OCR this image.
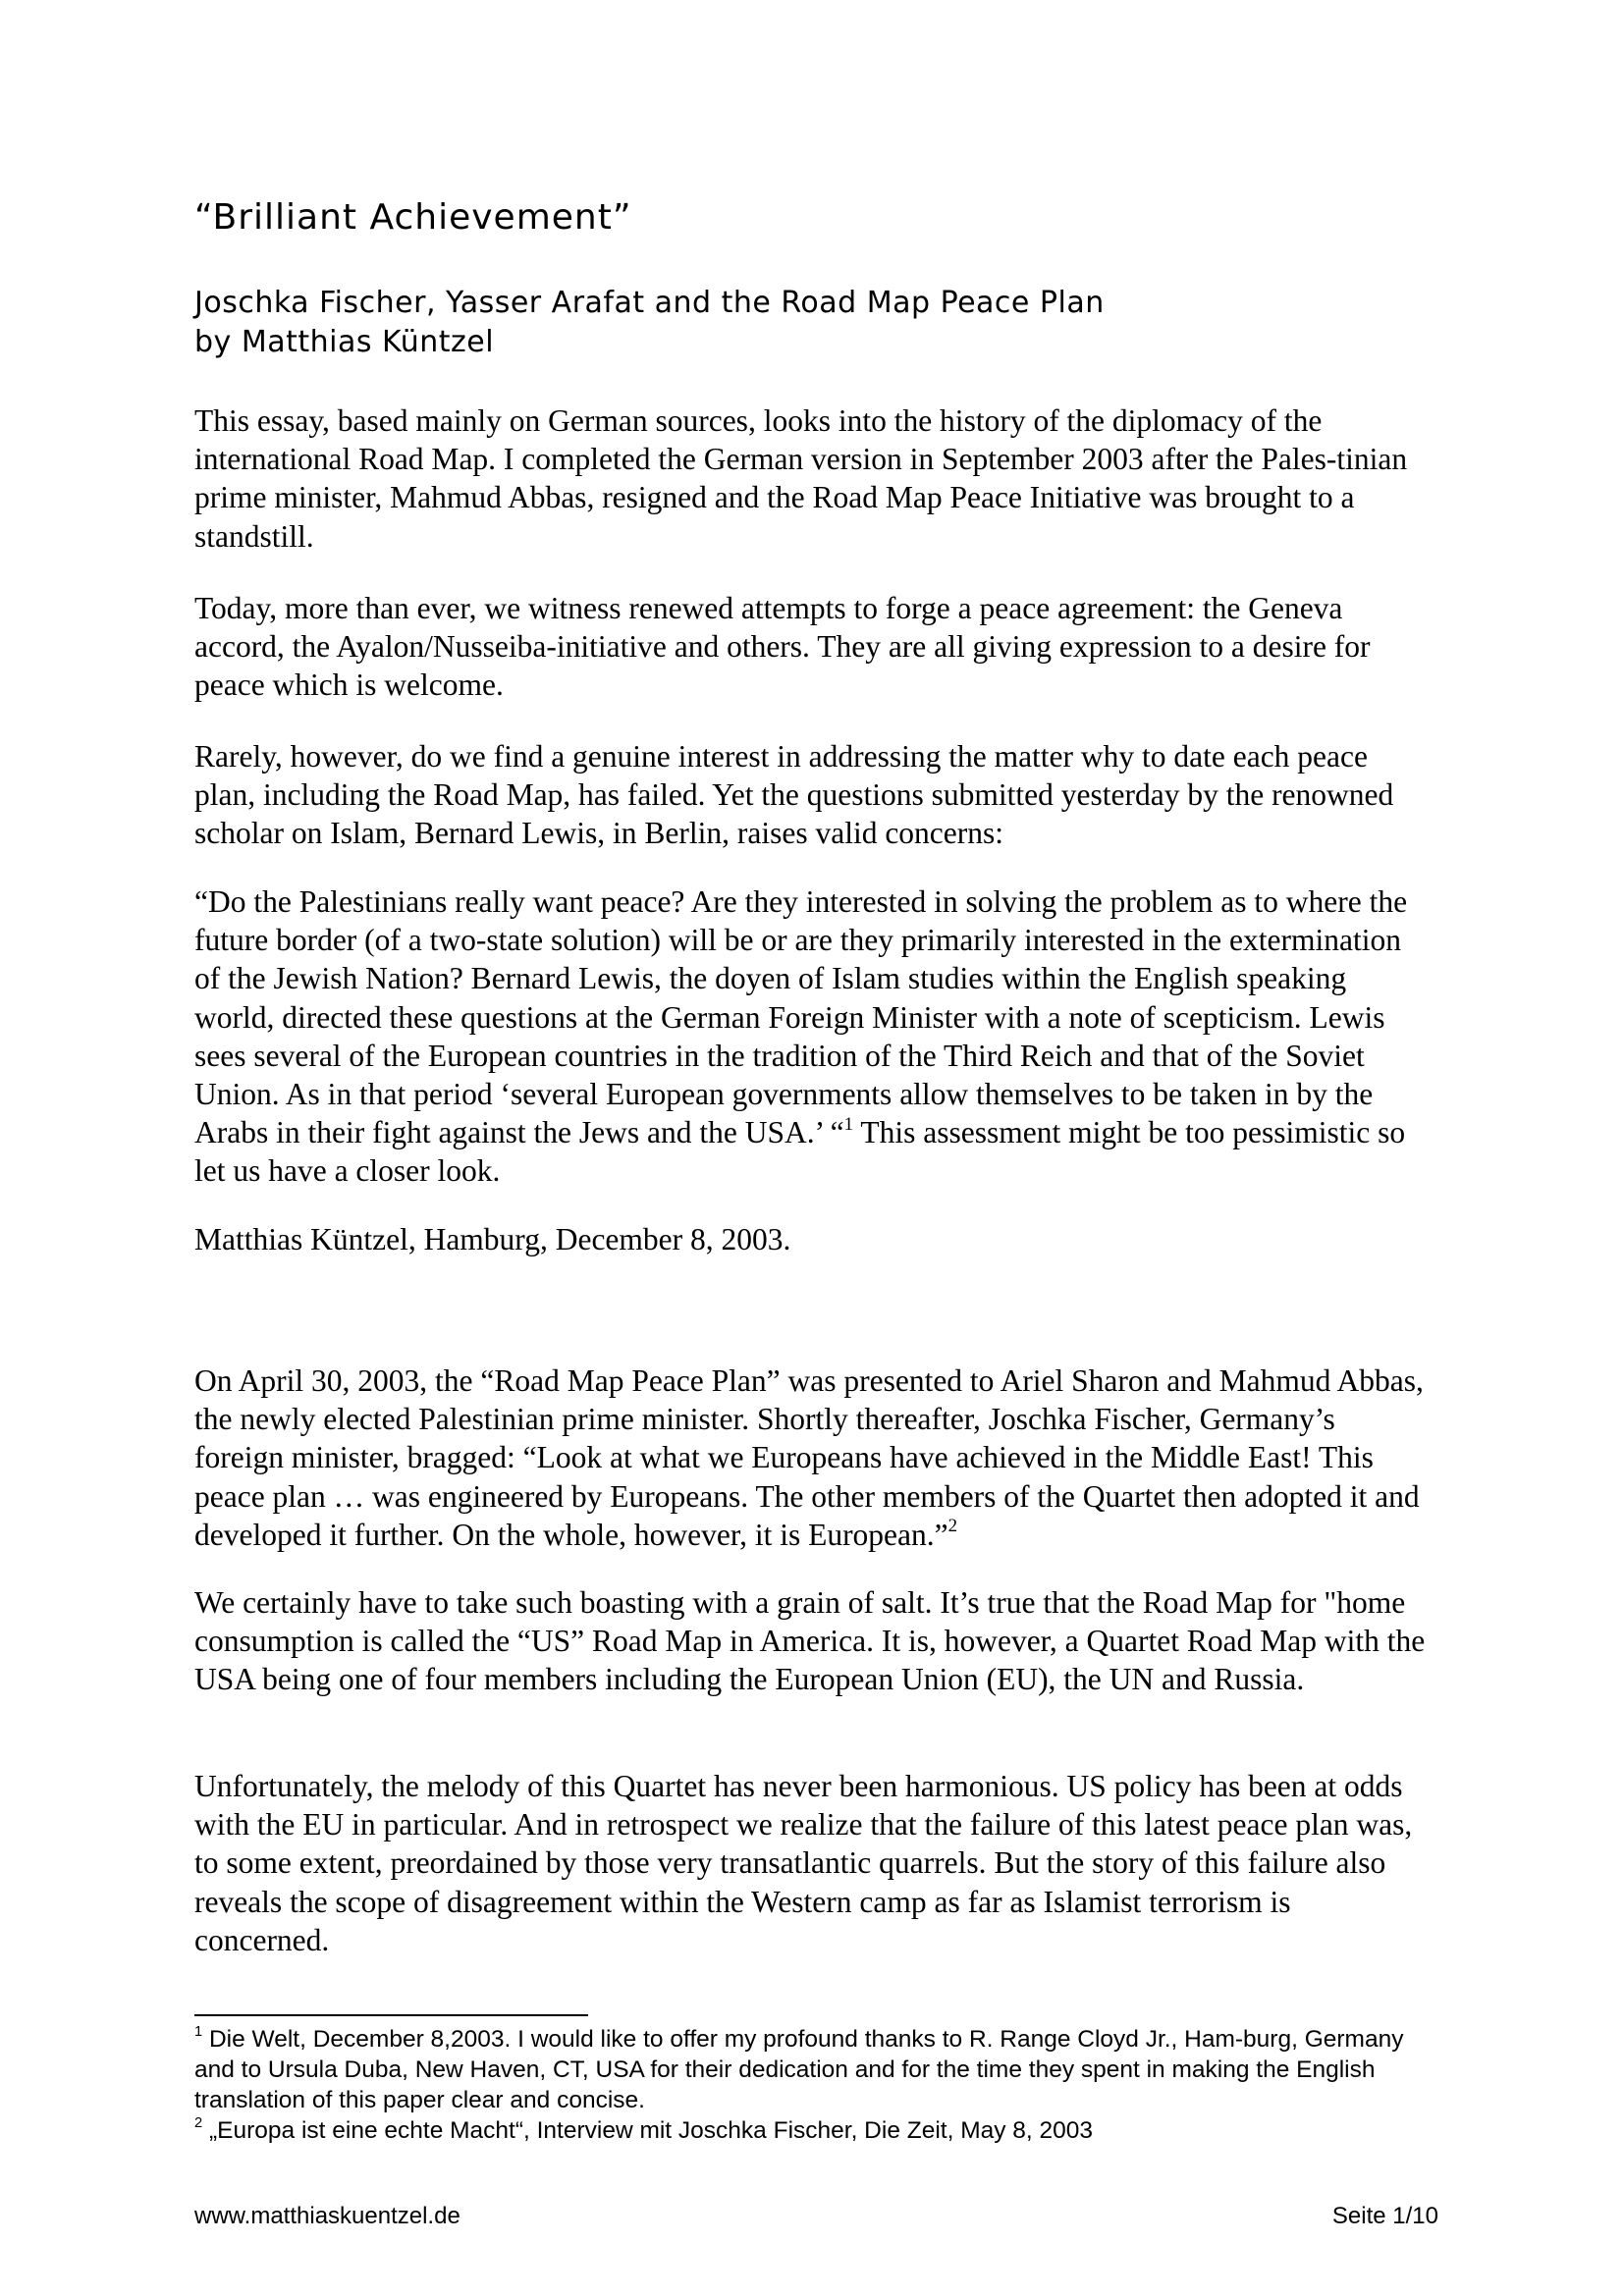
“Brilliant Achievement”
Joschka Fischer, Yasser Arafat and the Road Map Peace Plan
by Matthias Küntzel

This essay, based mainly on German sources, looks into the history of the diplomacy of the international Road Map. I completed the German version in September 2003 after the Pales-tinian prime minister, Mahmud Abbas, resigned and the Road Map Peace Initiative was brought to a standstill.

Today, more than ever, we witness renewed attempts to forge a peace agreement: the Geneva accord, the Ayalon/Nusseiba-initiative and others. They are all giving expression to a desire for peace which is welcome.

Rarely, however, do we find a genuine interest in addressing the matter why to date each peace plan, including the Road Map, has failed. Yet the questions submitted yesterday by the renowned scholar on Islam, Bernard Lewis, in Berlin, raises valid concerns:

“Do the Palestinians really want peace? Are they interested in solving the problem as to where the future border (of a two-state solution) will be or are they primarily interested in the extermination of the Jewish Nation? Bernard Lewis, the doyen of Islam studies within the English speaking world, directed these questions at the German Foreign Minister with a note of scepticism. Lewis sees several of the European countries in the tradition of the Third Reich and that of the Soviet Union. As in that period ‘several European governments allow themselves to be taken in by the Arabs in their fight against the Jews and the USA.’ “$^1$ This assessment might be too pessimistic so let us have a closer look.

Matthias Küntzel, Hamburg, December 8, 2003.

On April 30, 2003, the “Road Map Peace Plan” was presented to Ariel Sharon and Mahmud Abbas, the newly elected Palestinian prime minister. Shortly thereafter, Joschka Fischer, Germany’s foreign minister, bragged: “Look at what we Europeans have achieved in the Middle East! This peace plan … was engineered by Europeans. The other members of the Quartet then adopted it and developed it further. On the whole, however, it is European.”$^2$

We certainly have to take such boasting with a grain of salt. It’s true that the Road Map for "home consumption is called the “US” Road Map in America. It is, however, a Quartet Road Map with the USA being one of four members including the European Union (EU), the UN and Russia.

Unfortunately, the melody of this Quartet has never been harmonious. US policy has been at odds with the EU in particular. And in retrospect we realize that the failure of this latest peace plan was, to some extent, preordained by those very transatlantic quarrels. But the story of this failure also reveals the scope of disagreement within the Western camp as far as Islamist terrorism is concerned.

$^1$ Die Welt, December 8,2003. I would like to offer my profound thanks to R. Range Cloyd Jr., Ham-burg, Germany and to Ursula Duba, New Haven, CT, USA for their dedication and for the time they spent in making the English translation of this paper clear and concise.

$^2$ „Europa ist eine echte Macht“, Interview mit Joschka Fischer, Die Zeit, May 8, 2003

www.matthiaskuentzel.de	Seite 1/10
